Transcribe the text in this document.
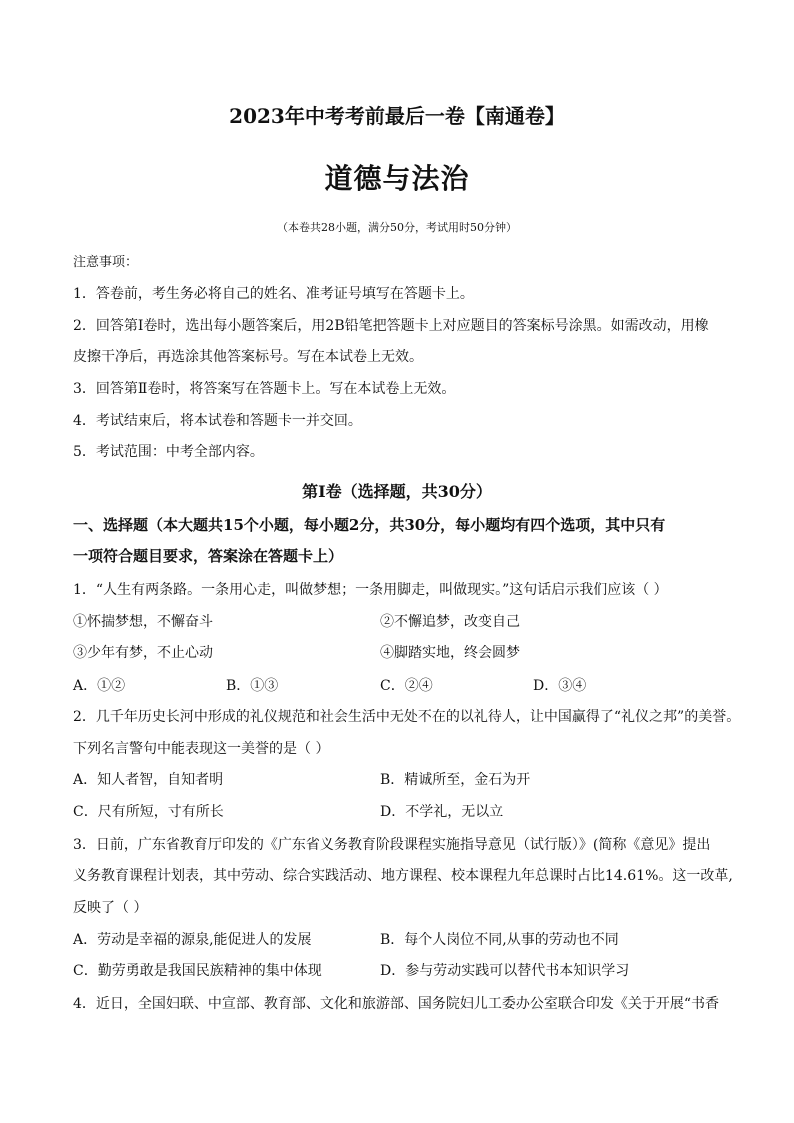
2023年中考考前最后一卷【南通卷】
道德与法治
（本卷共28小题，满分50分，考试用时50分钟）
注意事项：
1．答卷前，考生务必将自己的姓名、准考证号填写在答题卡上。
2．回答第Ⅰ卷时，选出每小题答案后，用2B铅笔把答题卡上对应题目的答案标号涂黑。如需改动，用橡
皮擦干净后，再选涂其他答案标号。写在本试卷上无效。
3．回答第Ⅱ卷时，将答案写在答题卡上。写在本试卷上无效。
4．考试结束后，将本试卷和答题卡一并交回。
5．考试范围：中考全部内容。
第Ⅰ卷（选择题，共30分）
一、选择题（本大题共15个小题，每小题2分，共30分，每小题均有四个选项，其中只有
一项符合题目要求，答案涂在答题卡上）
1．“人生有两条路。一条用心走，叫做梦想；一条用脚走，叫做现实。”这句话启示我们应该（ ）
①怀揣梦想，不懈奋斗	②不懈追梦，改变自己
③少年有梦，不止心动	④脚踏实地，终会圆梦
A．①②	B．①③	C．②④	D．③④
2．几千年历史长河中形成的礼仪规范和社会生活中无处不在的以礼待人，让中国赢得了“礼仪之邦”的美誉。
下列名言警句中能表现这一美誉的是（ ）
A．知人者智，自知者明	B．精诚所至，金石为开
C．尺有所短，寸有所长	D．不学礼，无以立
3．日前，广东省教育厅印发的《广东省义务教育阶段课程实施指导意见（试行版）》(简称《意见》提出
义务教育课程计划表，其中劳动、综合实践活动、地方课程、校本课程九年总课时占比14.61%。这一改革,
反映了（ ）
A．劳动是幸福的源泉,能促进人的发展	B．每个人岗位不同,从事的劳动也不同
C．勤劳勇敢是我国民族精神的集中体现	D．参与劳动实践可以替代书本知识学习
4．近日，全国妇联、中宣部、教育部、文化和旅游部、国务院妇儿工委办公室联合印发《关于开展“书香
